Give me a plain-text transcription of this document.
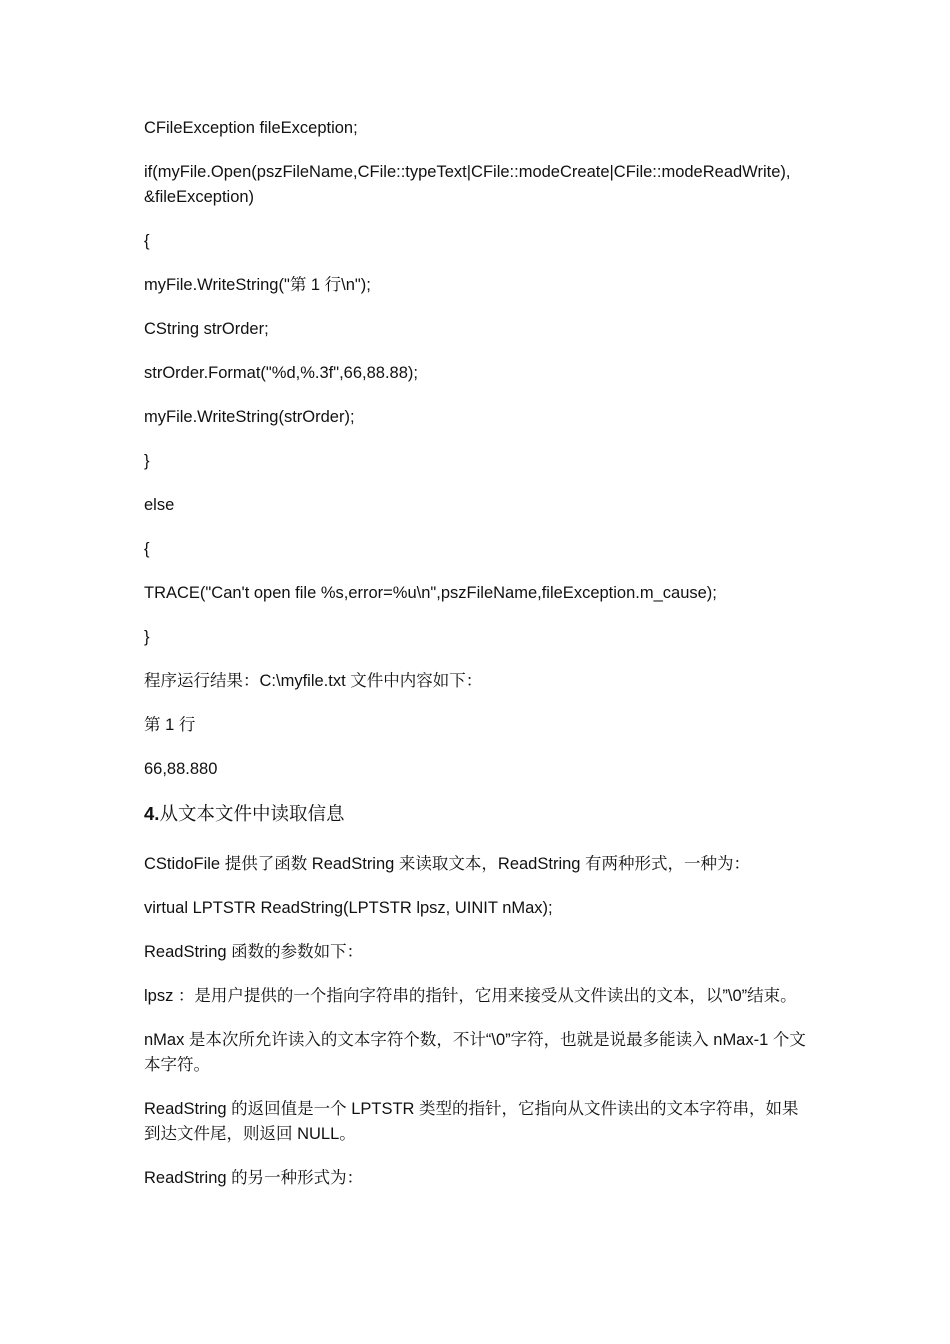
CFileException fileException;

if(myFile.Open(pszFileName,CFile::typeText|CFile::modeCreate|CFile::modeReadWrite),

&fileException)

{

myFile.WriteString("第 1 行\n");

CString strOrder;

strOrder.Format("%d,%.3f",66,88.88);

myFile.WriteString(strOrder);

}

else

{

TRACE("Can't open file %s,error=%u\n",pszFileName,fileException.m_cause);

}

程序运行结果：C:\myfile.txt 文件中内容如下：

第 1 行

66,88.880

4.从文本文件中读取信息

CStidoFile 提供了函数 ReadString 来读取文本，ReadString 有两种形式，一种为：

virtual LPTSTR ReadString(LPTSTR lpsz, UINIT nMax);

ReadString 函数的参数如下：

lpsz ：是用户提供的一个指向字符串的指针，它用来接受从文件读出的文本，以”\0”结束。

nMax 是本次所允许读入的文本字符个数，不计“\0”字符，也就是说最多能读入 nMax-1 个文

本字符。

ReadString 的返回值是一个 LPTSTR 类型的指针，它指向从文件读出的文本字符串，如果

到达文件尾，则返回 NULL。

ReadString 的另一种形式为：
